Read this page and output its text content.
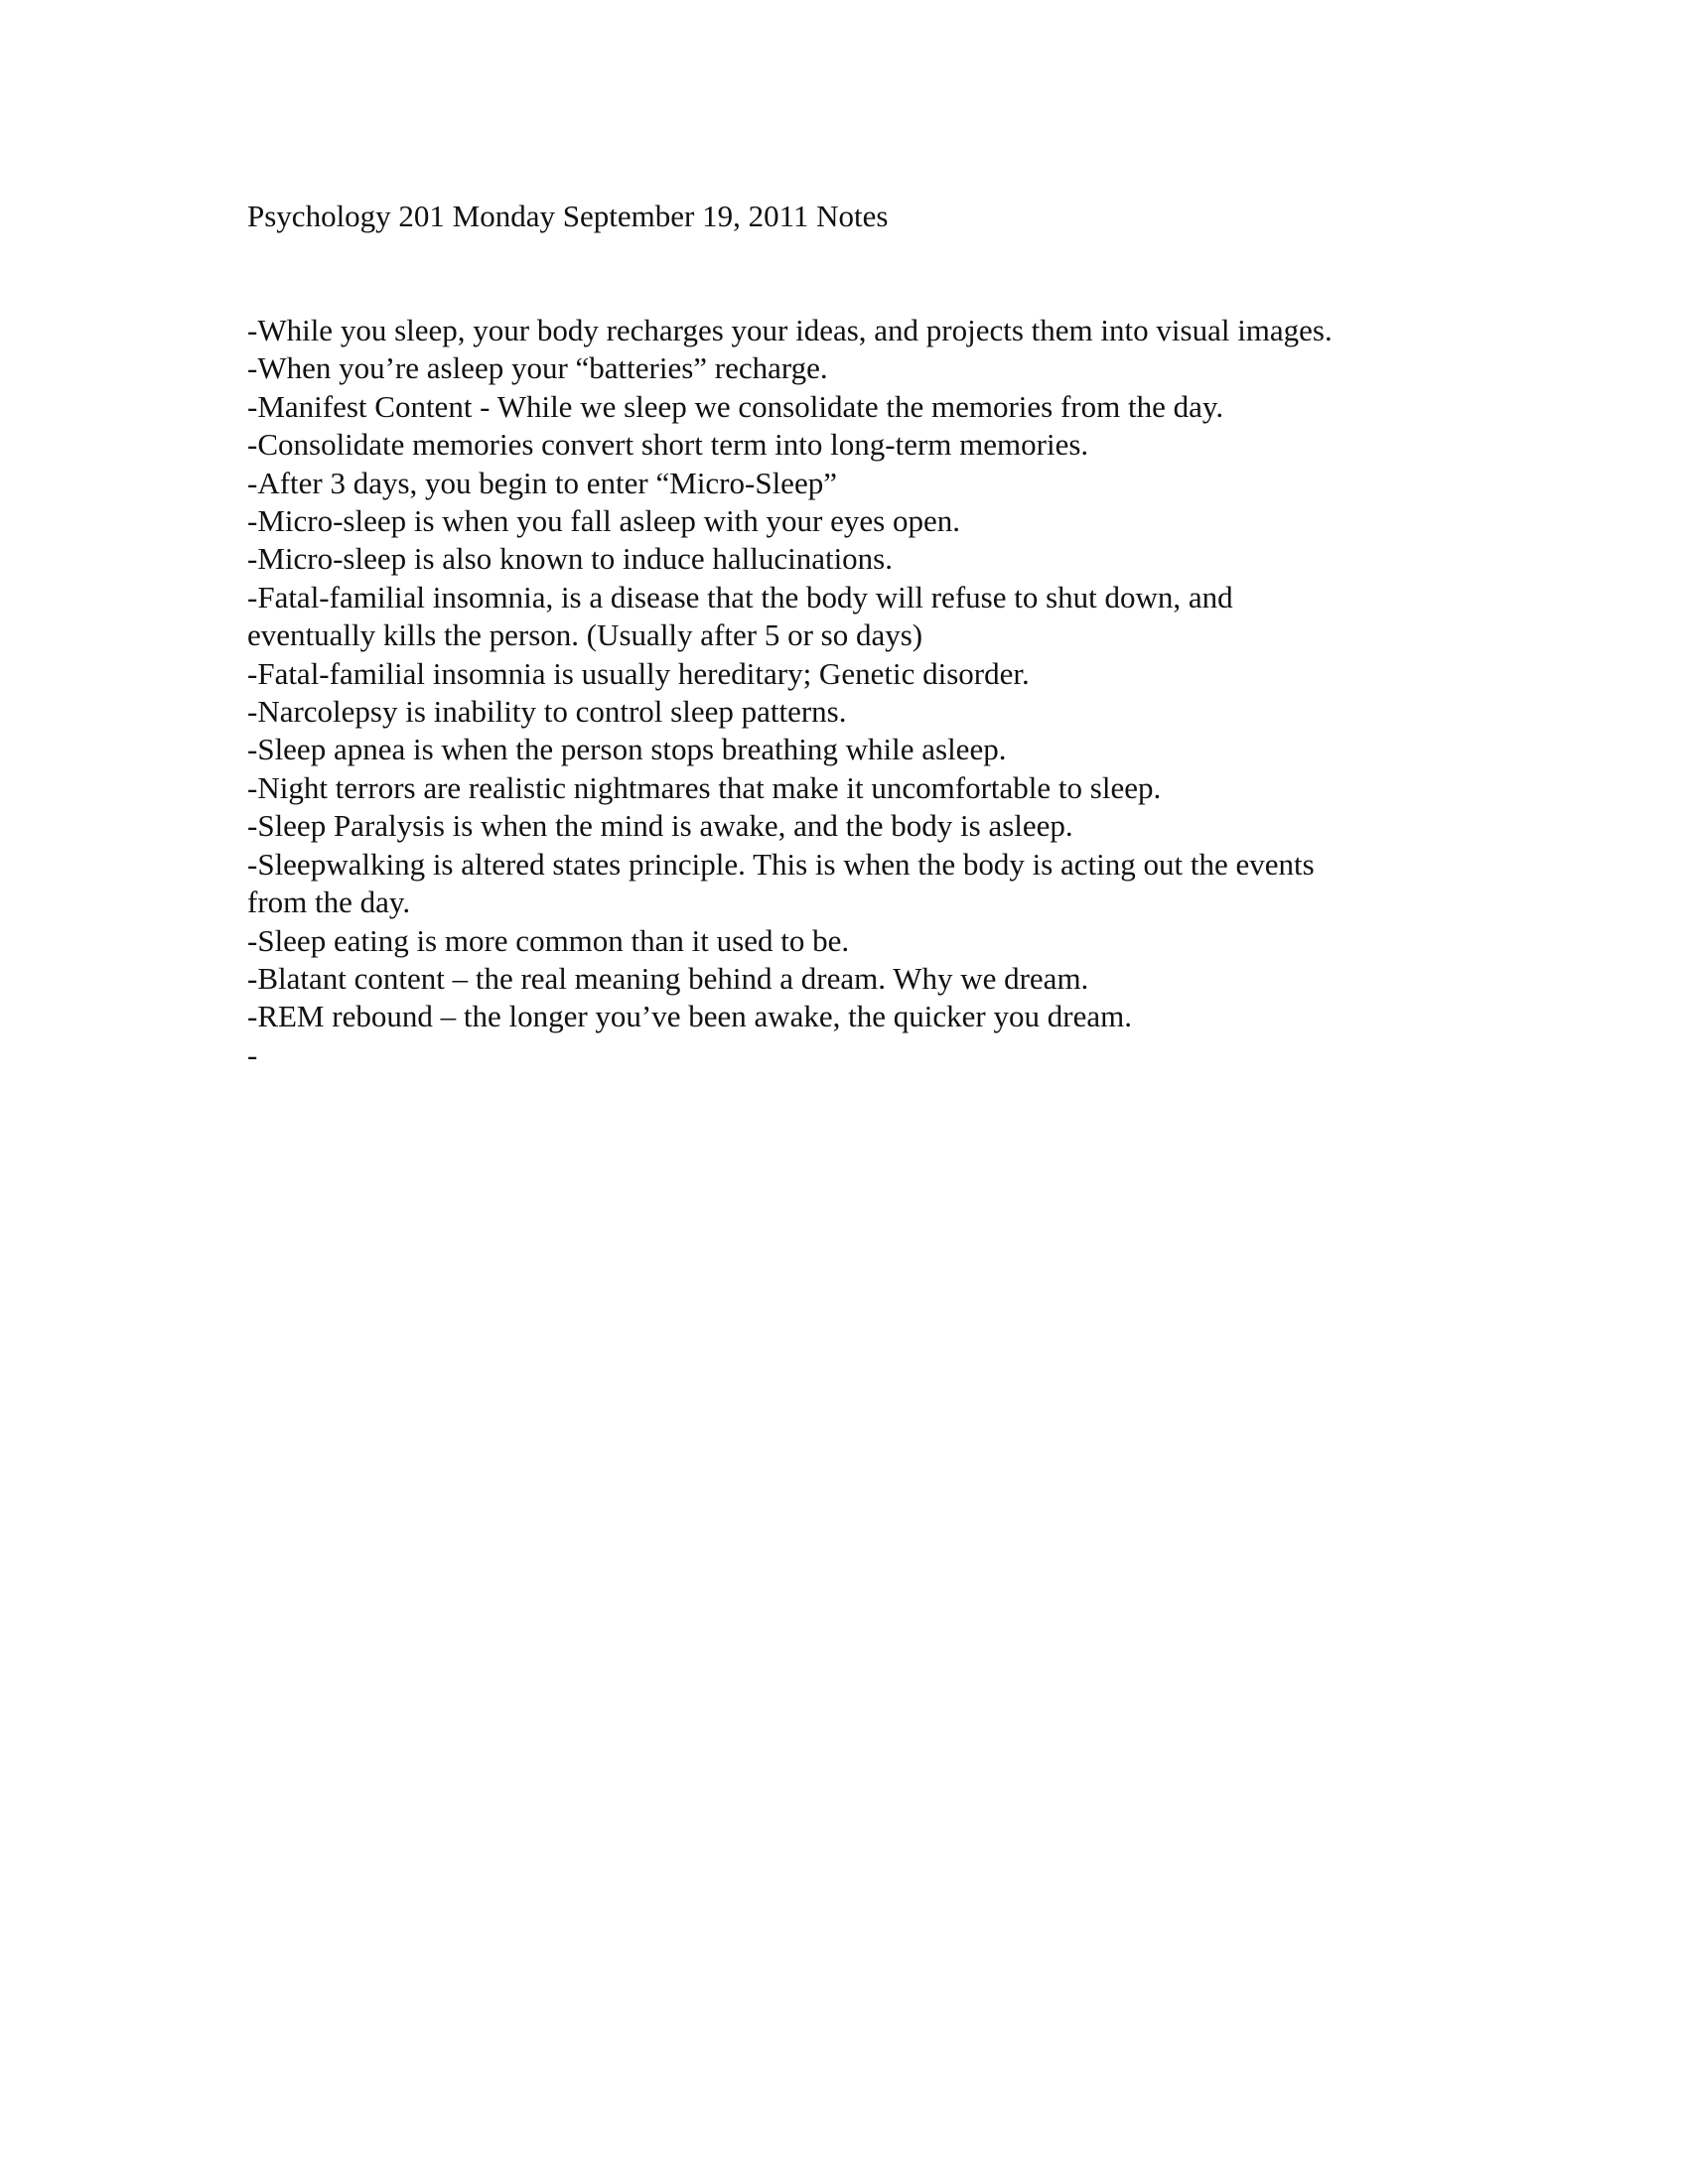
Psychology 201 Monday September 19, 2011 Notes

-While you sleep, your body recharges your ideas, and projects them into visual images.

-When you’re asleep your “batteries” recharge.

-Manifest Content - While we sleep we consolidate the memories from the day.

-Consolidate memories convert short term into long-term memories.

-After 3 days, you begin to enter “Micro-Sleep”

-Micro-sleep is when you fall asleep with your eyes open.

-Micro-sleep is also known to induce hallucinations.

-Fatal-familial insomnia, is a disease that the body will refuse to shut down, and

eventually kills the person. (Usually after 5 or so days)

-Fatal-familial insomnia is usually hereditary; Genetic disorder.

-Narcolepsy is inability to control sleep patterns.

-Sleep apnea is when the person stops breathing while asleep.

-Night terrors are realistic nightmares that make it uncomfortable to sleep.

-Sleep Paralysis is when the mind is awake, and the body is asleep.

-Sleepwalking is altered states principle. This is when the body is acting out the events

from the day.

-Sleep eating is more common than it used to be.

-Blatant content – the real meaning behind a dream. Why we dream.

-REM rebound – the longer you’ve been awake, the quicker you dream.

-
